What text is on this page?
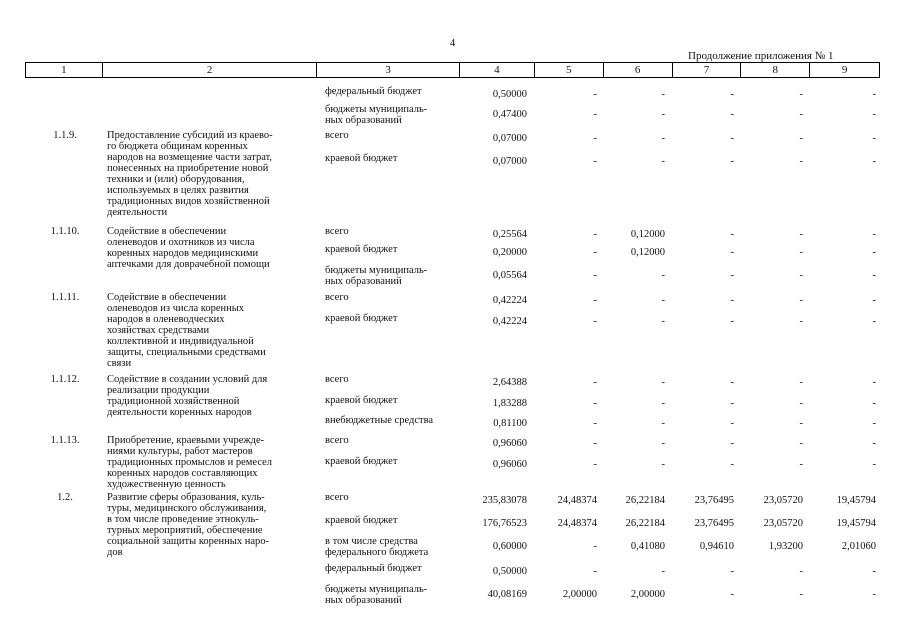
4
Продолжение приложения № 1
1	2	3	4	5	6	7	8	9
федеральный бюджет	0,50000	-	-	-	-	-
бюджеты муниципаль-
ных образований
0,47400	-	-	-	-	-
1.1.9.	Предоставление субсидий из краево-
го бюджета общинам коренных
народов на возмещение части затрат,
понесенных на приобретение новой
техники и (или) оборудования,
используемых в целях развития
традиционных видов хозяйственной
деятельности
всего	0,07000	-	-	-	-	-
краевой бюджет	0,07000	-	-	-	-	-
1.1.10.	Содействие в обеспечении
оленеводов и охотников из числа
коренных народов медицинскими
аптечками для доврачебной помощи
всего	0,25564	-	0,12000	-	-	-
краевой бюджет	0,20000	-	0,12000	-	-	-
бюджеты муниципаль-
ных образований
0,05564	-	-	-	-	-
1.1.11.	Содействие в обеспечении
оленеводов из числа коренных
народов в оленеводческих
хозяйствах средствами
коллективной и индивидуальной
защиты, специальными средствами
связи
всего	0,42224	-	-	-	-	-
краевой бюджет	0,42224	-	-	-	-	-
1.1.12.	Содействие в создании условий для
реализации продукции
традиционной хозяйственной
деятельности коренных народов
всего	2,64388	-	-	-	-	-
краевой бюджет	1,83288	-	-	-	-	-
внебюджетные средства	0,81100	-	-	-	-	-
1.1.13.	Приобретение, краевыми учрежде-
ниями культуры, работ мастеров
традиционных промыслов и ремесел
коренных народов составляющих
художественную ценность
всего	0,96060	-	-	-	-	-
краевой бюджет	0,96060	-	-	-	-	-
1.2.	Развитие сферы образования, куль-
туры, медицинского обслуживания,
в том числе проведение этнокуль-
турных мероприятий, обеспечение
социальной защиты коренных наро-
дов
всего	235,83078	24,48374	26,22184	23,76495	23,05720	19,45794
краевой бюджет	176,76523	24,48374	26,22184	23,76495	23,05720	19,45794
в том числе средства
федерального бюджета
0,60000	-	0,41080	0,94610	1,93200	2,01060
федеральный бюджет	0,50000	-	-	-	-	-
бюджеты муниципаль-
ных образований
40,08169	2,00000	2,00000	-	-	-
